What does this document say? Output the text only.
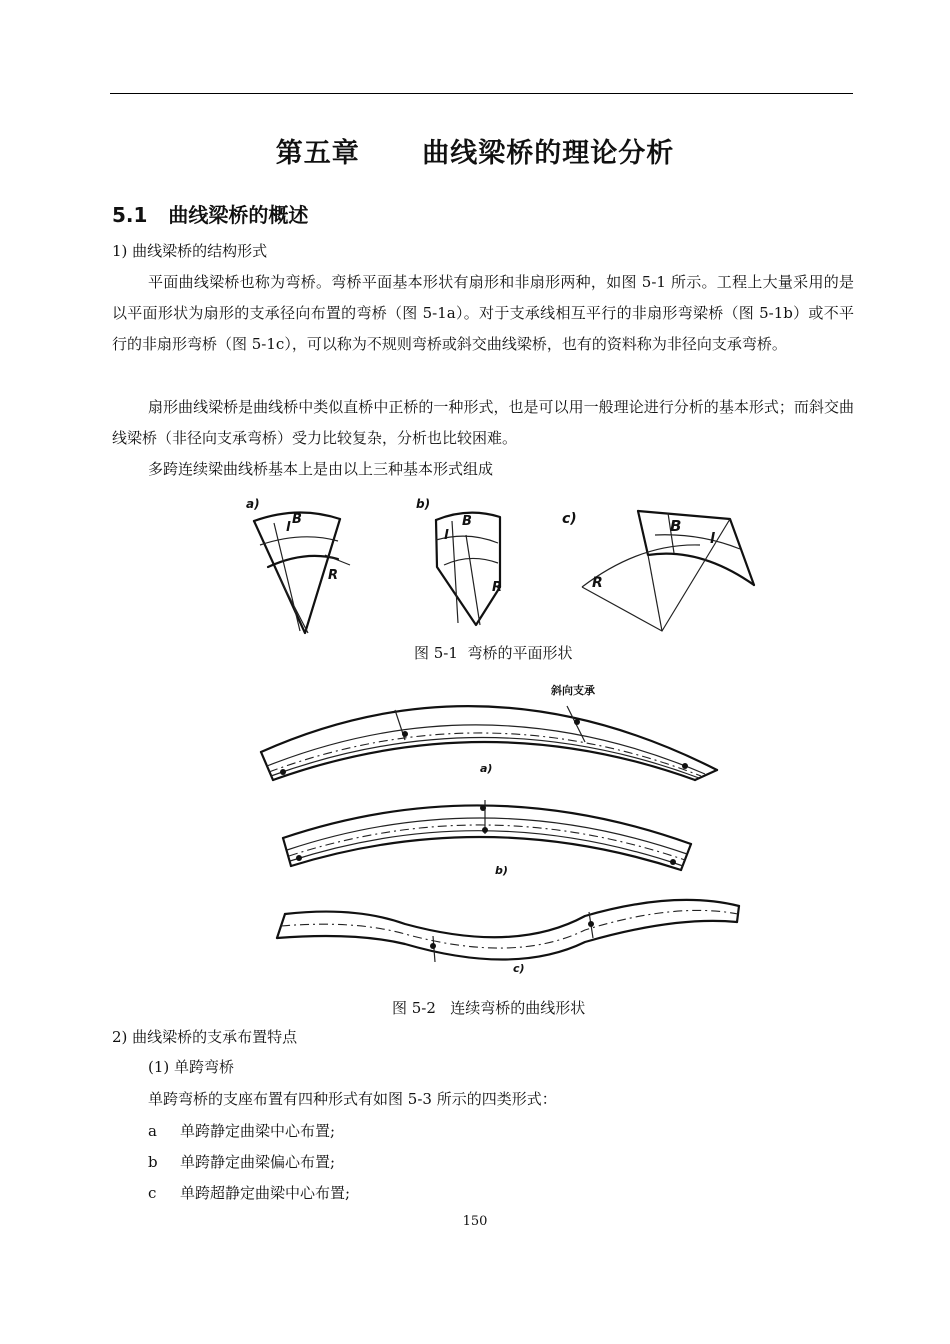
第五章      曲线梁桥的理论分析
5.1   曲线梁桥的概述
1) 曲线梁桥的结构形式
平面曲线梁桥也称为弯桥。弯桥平面基本形状有扇形和非扇形两种，如图 5-1 所示。工程上大量采用的是以平面形状为扇形的支承径向布置的弯桥（图 5-1a）。对于支承线相互平行的非扇形弯梁桥（图 5-1b）或不平行的非扇形弯桥（图 5-1c），可以称为不规则弯桥或斜交曲线梁桥，也有的资料称为非径向支承弯桥。
扇形曲线梁桥是曲线桥中类似直桥中正桥的一种形式，也是可以用一般理论进行分析的基本形式；而斜交曲线梁桥（非径向支承弯桥）受力比较复杂，分析也比较困难。
多跨连续梁曲线桥基本上是由以上三种基本形式组成
a)
l
B
R
b)
l
B
R
c)	B
l
R
图 5-1  弯桥的平面形状
斜向支承
a)
b)
c)
图 5-2   连续弯桥的曲线形状
2) 曲线梁桥的支承布置特点
(1) 单跨弯桥
单跨弯桥的支座布置有四种形式有如图 5-3 所示的四类形式：
a 单跨静定曲梁中心布置;
b 单跨静定曲梁偏心布置;
c 单跨超静定曲梁中心布置;
150
